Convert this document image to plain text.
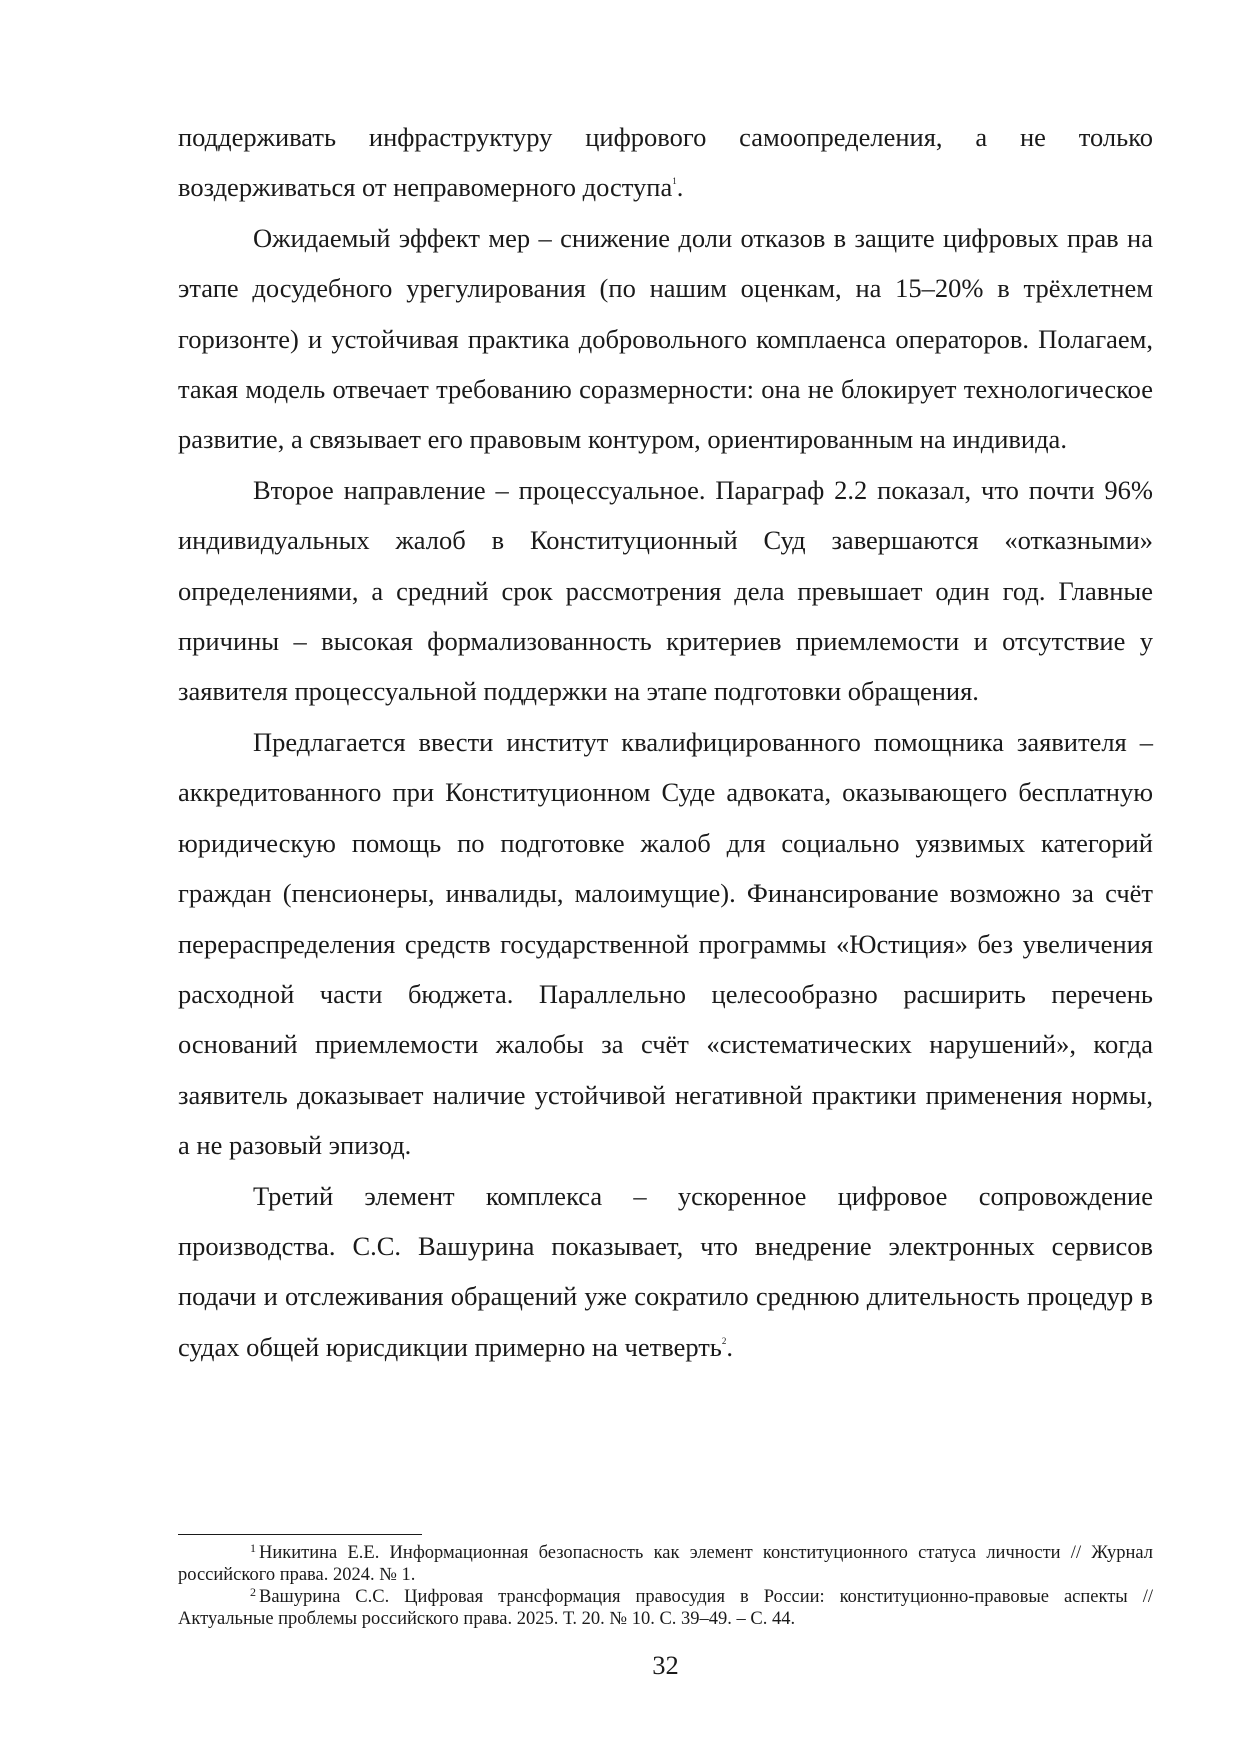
поддерживать инфраструктуру цифрового самоопределения, а не только воздерживаться от неправомерного доступа$^1$.

Ожидаемый эффект мер – снижение доли отказов в защите цифровых прав на этапе досудебного урегулирования (по нашим оценкам, на 15–20% в трёхлетнем горизонте) и устойчивая практика добровольного комплаенса операторов. Полагаем, такая модель отвечает требованию соразмерности: она не блокирует технологическое развитие, а связывает его правовым контуром, ориентированным на индивида.

Второе направление – процессуальное. Параграф 2.2 показал, что почти 96% индивидуальных жалоб в Конституционный Суд завершаются «отказными» определениями, а средний срок рассмотрения дела превышает один год. Главные причины – высокая формализованность критериев приемлемости и отсутствие у заявителя процессуальной поддержки на этапе подготовки обращения.

Предлагается ввести институт квалифицированного помощника заявителя – аккредитованного при Конституционном Суде адвоката, оказывающего бесплатную юридическую помощь по подготовке жалоб для социально уязвимых категорий граждан (пенсионеры, инвалиды, малоимущие). Финансирование возможно за счёт перераспределения средств государственной программы «Юстиция» без увеличения расходной части бюджета. Параллельно целесообразно расширить перечень оснований приемлемости жалобы за счёт «систематических нарушений», когда заявитель доказывает наличие устойчивой негативной практики применения нормы, а не разовый эпизод.

Третий элемент комплекса – ускоренное цифровое сопровождение производства. С.С. Вашурина показывает, что внедрение электронных сервисов подачи и отслеживания обращений уже сократило среднюю длительность процедур в судах общей юрисдикции примерно на четверть$^2$.

$^1$ Никитина Е.Е. Информационная безопасность как элемент конституционного статуса личности // Журнал российского права. 2024. № 1.

$^2$ Вашурина С.С. Цифровая трансформация правосудия в России: конституционно-правовые аспекты // Актуальные проблемы российского права. 2025. Т. 20. № 10. С. 39–49. – С. 44.

32
